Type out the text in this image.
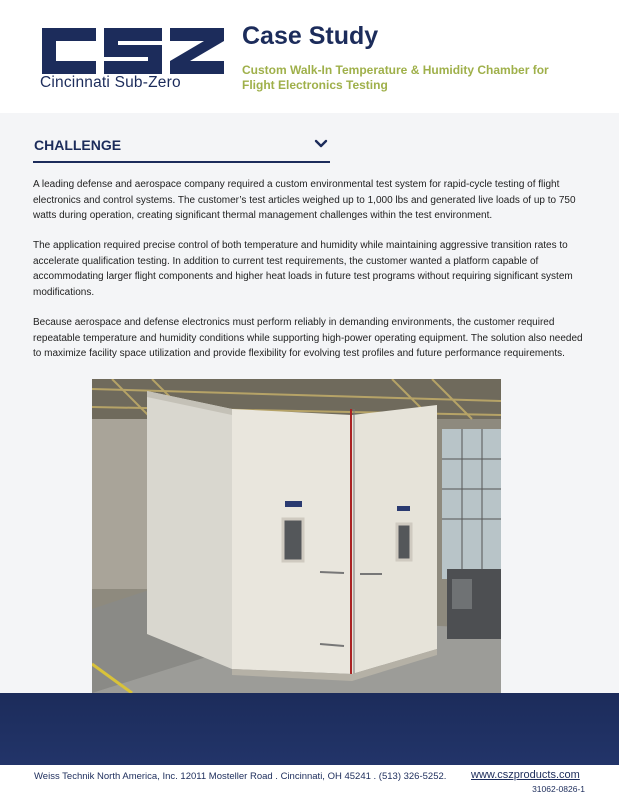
Cincinnati Sub-Zero
Case Study
Custom Walk-In Temperature & Humidity Chamber for Flight Electronics Testing
CHALLENGE

A leading defense and aerospace company required a custom environmental test system for rapid-cycle testing of flight electronics and control systems. The customer’s test articles weighed up to 1,000 lbs and generated live loads of up to 750 watts during operation, creating significant thermal management challenges within the test environment.

The application required precise control of both temperature and humidity while maintaining aggressive transition rates to accelerate qualification testing. In addition to current test requirements, the customer wanted a platform capable of accommodating larger flight components and higher heat loads in future test programs without requiring significant system modifications.

Because aerospace and defense electronics must perform reliably in demanding environments, the customer required repeatable temperature and humidity conditions while supporting high-power operating equipment. The solution also needed to maximize facility space utilization and provide flexibility for evolving test profiles and future performance requirements.

Weiss Technik North America, Inc. 12011 Mosteller Road . Cincinnati, OH 45241 . (513) 326-5252. www.cszproducts.com
31062-0826-1
